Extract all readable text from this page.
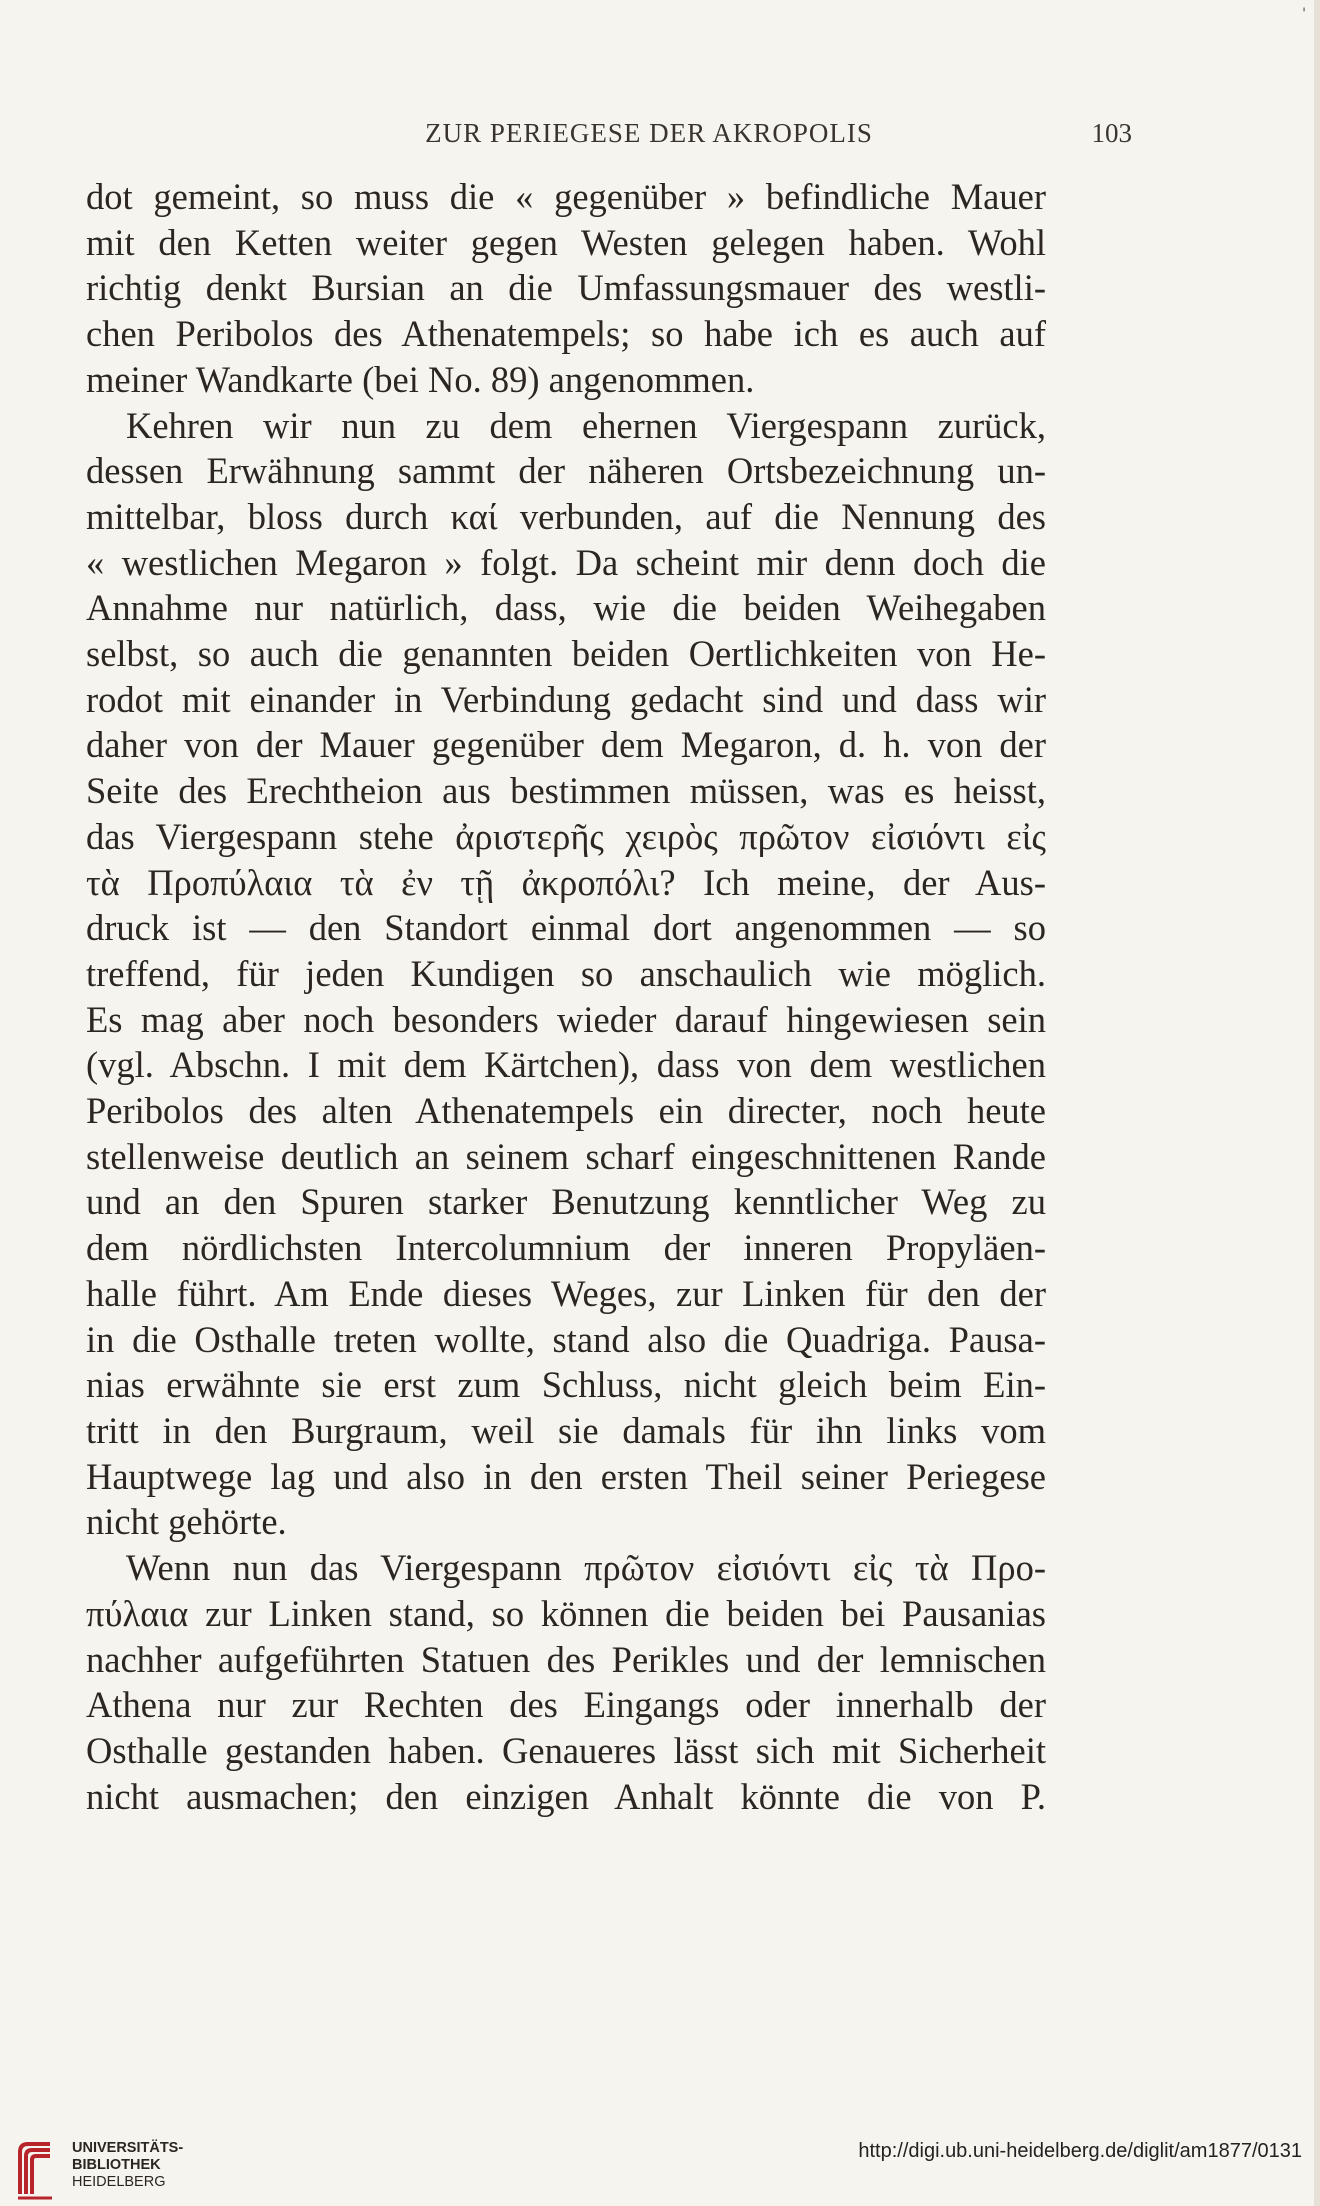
'
ZUR PERIEGESE DER AKROPOLIS	103

dot gemeint, so muss die « gegenüber » befindliche Mauer
mit den Ketten weiter gegen Westen gelegen haben. Wohl
richtig denkt Bursian an die Umfassungsmauer des westli-
chen Peribolos des Athenatempels; so habe ich es auch auf
meiner Wandkarte (bei No. 89) angenommen.

Kehren wir nun zu dem ehernen Viergespann zurück,
dessen Erwähnung sammt der näheren Ortsbezeichnung un-
mittelbar, bloss durch καί verbunden, auf die Nennung des
« westlichen Megaron » folgt. Da scheint mir denn doch die
Annahme nur natürlich, dass, wie die beiden Weihegaben
selbst, so auch die genannten beiden Oertlichkeiten von He-
rodot mit einander in Verbindung gedacht sind und dass wir
daher von der Mauer gegenüber dem Megaron, d. h. von der
Seite des Erechtheion aus bestimmen müssen, was es heisst,
das Viergespann stehe ἀριστερῆς χειρὸς πρῶτον εἰσιόντι εἰς
τὰ Προπύλαια τὰ ἐν τῇ ἀκροπόλι? Ich meine, der Aus-
druck ist — den Standort einmal dort angenommen — so
treffend, für jeden Kundigen so anschaulich wie möglich.
Es mag aber noch besonders wieder darauf hingewiesen sein
(vgl. Abschn. I mit dem Kärtchen), dass von dem westlichen
Peribolos des alten Athenatempels ein directer, noch heute
stellenweise deutlich an seinem scharf eingeschnittenen Rande
und an den Spuren starker Benutzung kenntlicher Weg zu
dem nördlichsten Intercolumnium der inneren Propyläen-
halle führt. Am Ende dieses Weges, zur Linken für den der
in die Osthalle treten wollte, stand also die Quadriga. Pausa-
nias erwähnte sie erst zum Schluss, nicht gleich beim Ein-
tritt in den Burgraum, weil sie damals für ihn links vom
Hauptwege lag und also in den ersten Theil seiner Periegese
nicht gehörte.

Wenn nun das Viergespann πρῶτον εἰσιόντι εἰς τὰ Προ-
πύλαια zur Linken stand, so können die beiden bei Pausanias
nachher aufgeführten Statuen des Perikles und der lemnischen
Athena nur zur Rechten des Eingangs oder innerhalb der
Osthalle gestanden haben. Genaueres lässt sich mit Sicherheit
nicht ausmachen; den einzigen Anhalt könnte die von P.

UNIVERSITÄTS-
BIBLIOTHEK
HEIDELBERG
http://digi.ub.uni-heidelberg.de/diglit/am1877/0131
